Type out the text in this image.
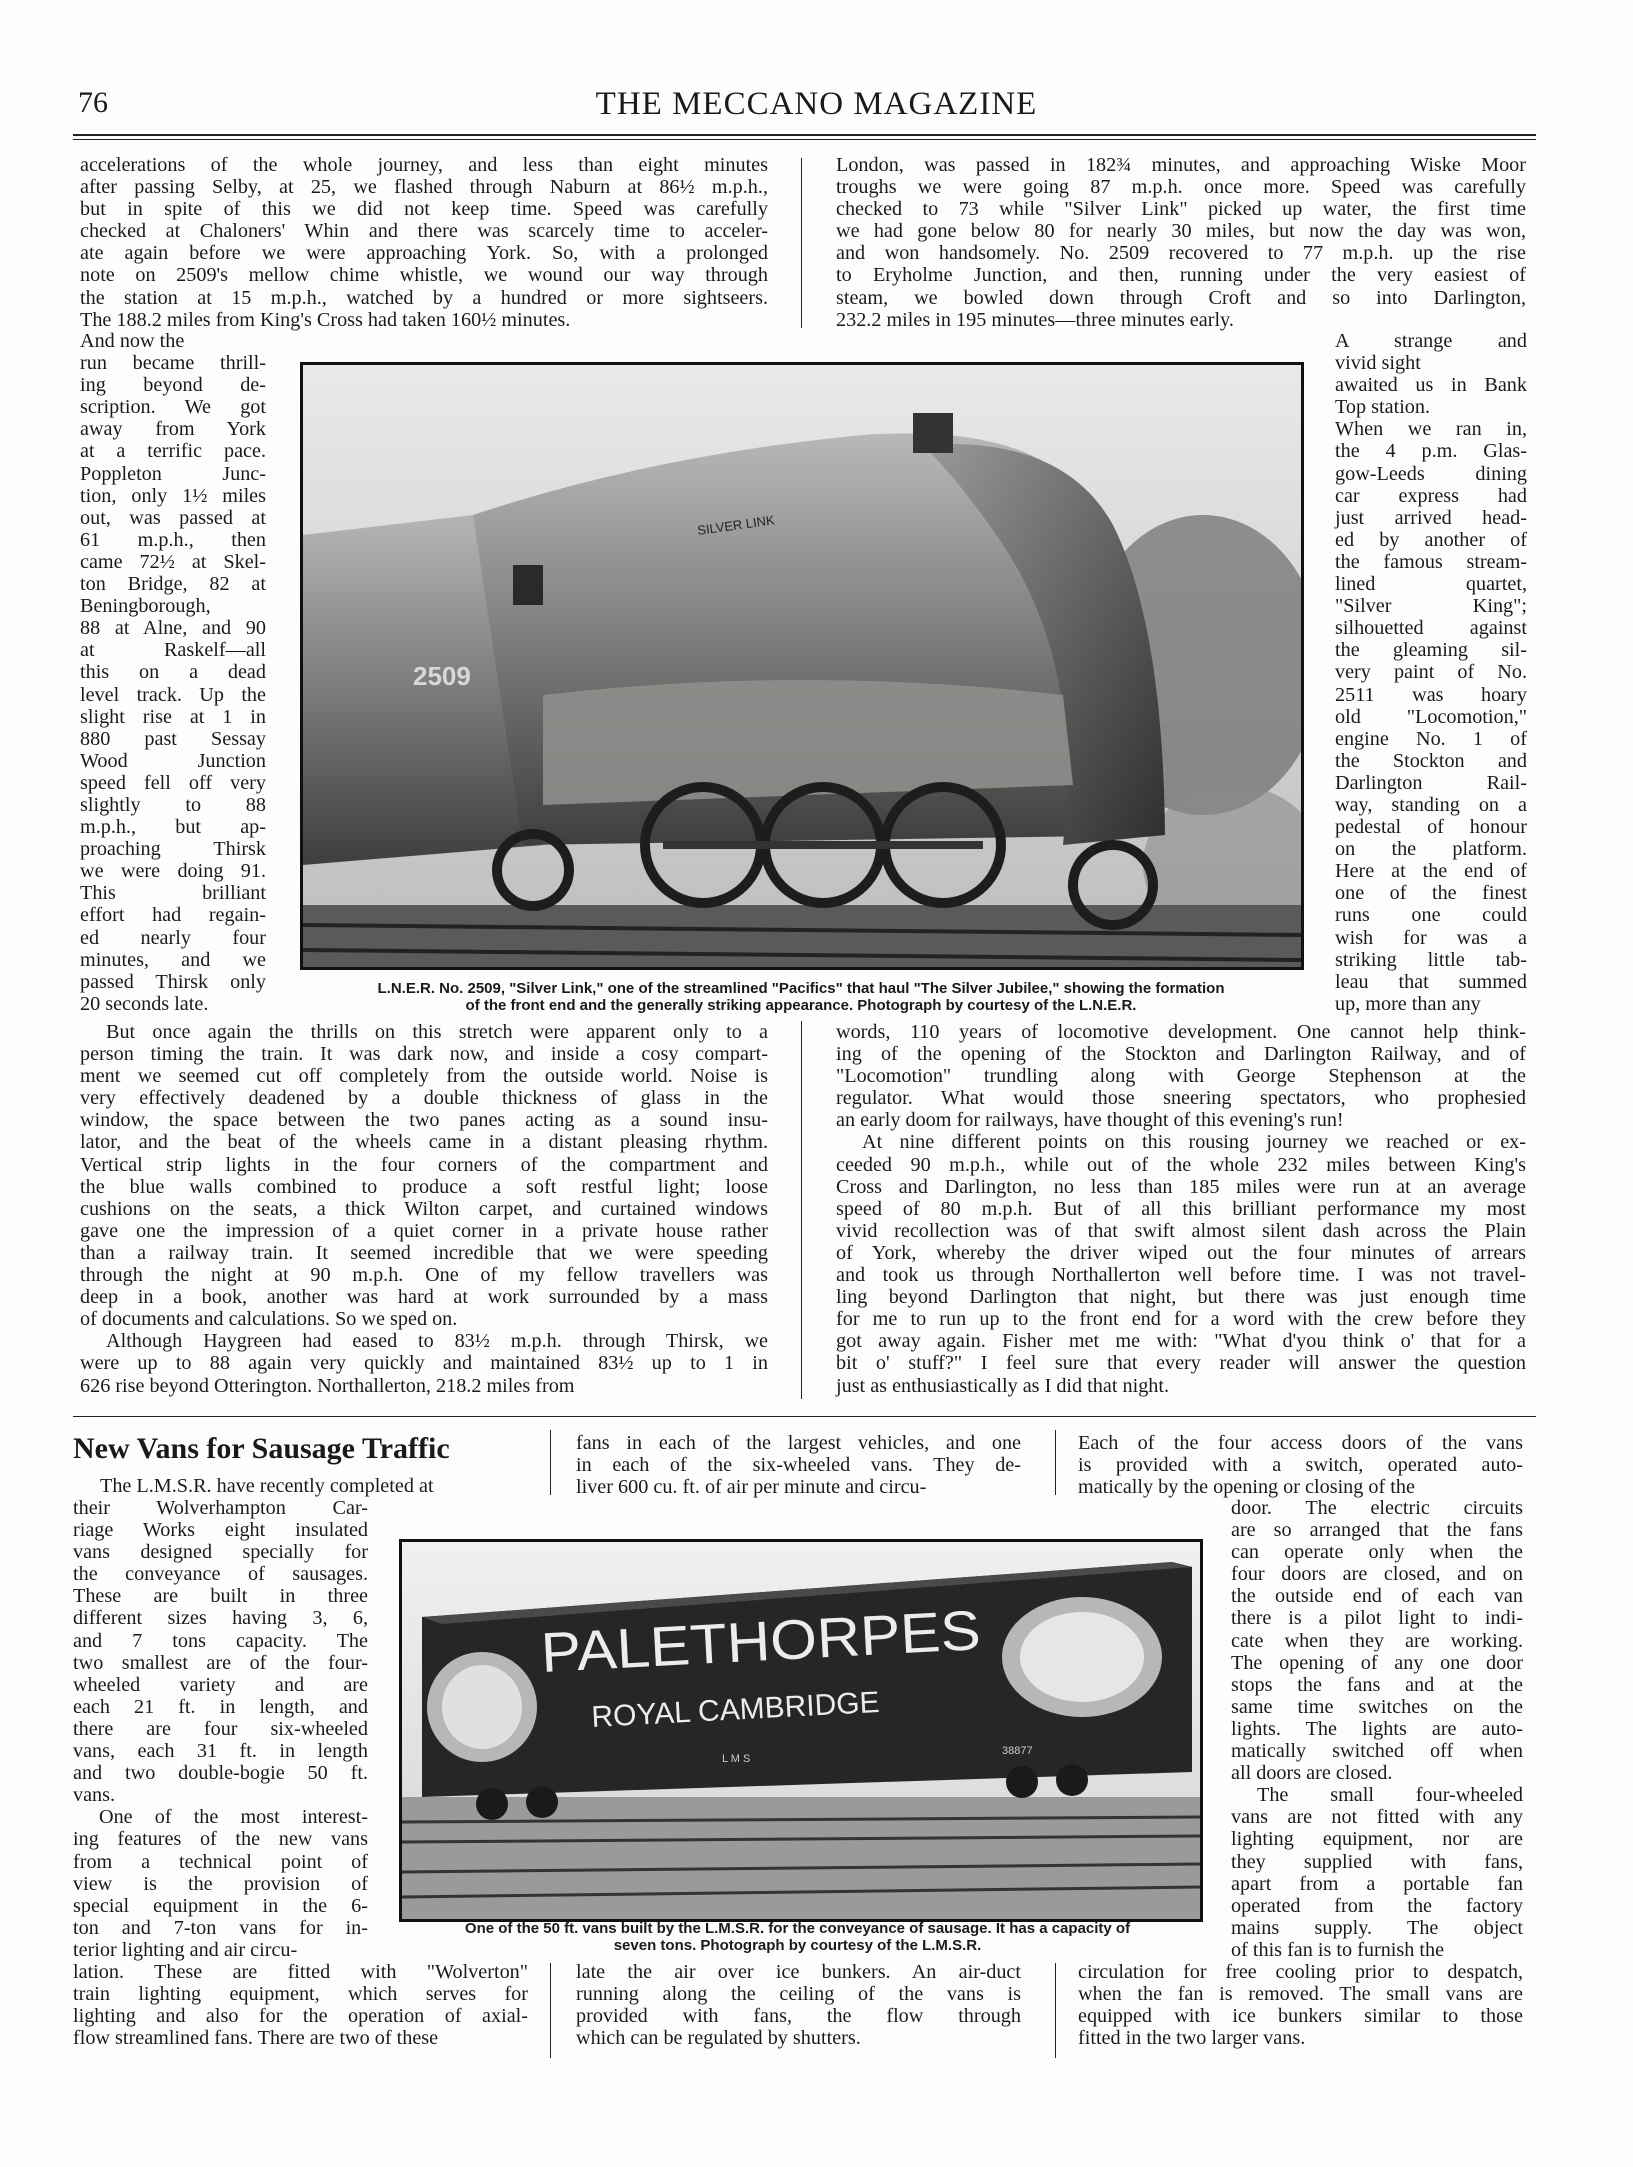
76	THE MECCANO MAGAZINE
accelerations of the whole journey, and less than eight minutes
after passing Selby, at 25, we flashed through Naburn at 86½ m.p.h.,
but in spite of this we did not keep time. Speed was carefully
checked at Chaloners' Whin and there was scarcely time to acceler-
ate again before we were approaching York. So, with a prolonged
note on 2509's mellow chime whistle, we wound our way through
the station at 15 m.p.h., watched by a hundred or more sightseers.
The 188.2 miles from King's Cross had taken 160½ minutes.
London, was passed in 182¾ minutes, and approaching Wiske Moor
troughs we were going 87 m.p.h. once more. Speed was carefully
checked to 73 while "Silver Link" picked up water, the first time
we had gone below 80 for nearly 30 miles, but now the day was won,
and won handsomely. No. 2509 recovered to 77 m.p.h. up the rise
to Eryholme Junction, and then, running under the very easiest of
steam, we bowled down through Croft and so into Darlington,
232.2 miles in 195 minutes—three minutes early.
And now the
run became thrill-
ing beyond de-
scription. We got
away from York
at a terrific pace.
Poppleton Junc-
tion, only 1½ miles
out, was passed at
61 m.p.h., then
came 72½ at Skel-
ton Bridge, 82 at
Beningborough,
88 at Alne, and 90
at Raskelf—all
this on a dead
level track. Up the
slight rise at 1 in
880 past Sessay
Wood Junction
speed fell off very
slightly to 88
m.p.h., but ap-
proaching Thirsk
we were doing 91.
This brilliant
effort had regain-
ed nearly four
minutes, and we
passed Thirsk only
20 seconds late.
A strange and
vivid sight
awaited us in Bank
Top station.
When we ran in,
the 4 p.m. Glas-
gow-Leeds dining
car express had
just arrived head-
ed by another of
the famous stream-
lined quartet,
"Silver King";
silhouetted against
the gleaming sil-
very paint of No.
2511 was hoary
old "Locomotion,"
engine No. 1 of
the Stockton and
Darlington Rail-
way, standing on a
pedestal of honour
on the platform.
Here at the end of
one of the finest
runs one could
wish for was a
striking little tab-
leau that summed
up, more than any
SILVER LINK
2509
L.N.E.R. No. 2509, "Silver Link," one of the streamlined "Pacifics" that haul "The Silver Jubilee," showing the formation
of the front end and the generally striking appearance. Photograph by courtesy of the L.N.E.R.
But once again the thrills on this stretch were apparent only to a
person timing the train. It was dark now, and inside a cosy compart-
ment we seemed cut off completely from the outside world. Noise is
very effectively deadened by a double thickness of glass in the
window, the space between the two panes acting as a sound insu-
lator, and the beat of the wheels came in a distant pleasing rhythm.
Vertical strip lights in the four corners of the compartment and
the blue walls combined to produce a soft restful light; loose
cushions on the seats, a thick Wilton carpet, and curtained windows
gave one the impression of a quiet corner in a private house rather
than a railway train. It seemed incredible that we were speeding
through the night at 90 m.p.h. One of my fellow travellers was
deep in a book, another was hard at work surrounded by a mass
of documents and calculations. So we sped on.
Although Haygreen had eased to 83½ m.p.h. through Thirsk, we
were up to 88 again very quickly and maintained 83½ up to 1 in
626 rise beyond Otterington. Northallerton, 218.2 miles from
words, 110 years of locomotive development. One cannot help think-
ing of the opening of the Stockton and Darlington Railway, and of
"Locomotion" trundling along with George Stephenson at the
regulator. What would those sneering spectators, who prophesied
an early doom for railways, have thought of this evening's run!
At nine different points on this rousing journey we reached or ex-
ceeded 90 m.p.h., while out of the whole 232 miles between King's
Cross and Darlington, no less than 185 miles were run at an average
speed of 80 m.p.h. But of all this brilliant performance my most
vivid recollection was of that swift almost silent dash across the Plain
of York, whereby the driver wiped out the four minutes of arrears
and took us through Northallerton well before time. I was not travel-
ling beyond Darlington that night, but there was just enough time
for me to run up to the front end for a word with the crew before they
got away again. Fisher met me with: "What d'you think o' that for a
bit o' stuff?" I feel sure that every reader will answer the question
just as enthusiastically as I did that night.
New Vans for Sausage Traffic
The L.M.S.R. have recently completed at
their Wolverhampton Car-
riage Works eight insulated
vans designed specially for
the conveyance of sausages.
These are built in three
different sizes having 3, 6,
and 7 tons capacity. The
two smallest are of the four-
wheeled variety and are
each 21 ft. in length, and
there are four six-wheeled
vans, each 31 ft. in length
and two double-bogie 50 ft.
vans.
One of the most interest-
ing features of the new vans
from a technical point of
view is the provision of
special equipment in the 6-
ton and 7-ton vans for in-
terior lighting and air circu-
lation. These are fitted with "Wolverton"
train lighting equipment, which serves for
lighting and also for the operation of axial-
flow streamlined fans. There are two of these
fans in each of the largest vehicles, and one
in each of the six-wheeled vans. They de-
liver 600 cu. ft. of air per minute and circu-
Each of the four access doors of the vans
is provided with a switch, operated auto-
matically by the opening or closing of the
PALETHORPES
ROYAL CAMBRIDGE
L M S
38877
One of the 50 ft. vans built by the L.M.S.R. for the conveyance of sausage. It has a capacity of
seven tons. Photograph by courtesy of the L.M.S.R.
door. The electric circuits
are so arranged that the fans
can operate only when the
four doors are closed, and on
the outside end of each van
there is a pilot light to indi-
cate when they are working.
The opening of any one door
stops the fans and at the
same time switches on the
lights. The lights are auto-
matically switched off when
all doors are closed.
The small four-wheeled
vans are not fitted with any
lighting equipment, nor are
they supplied with fans,
apart from a portable fan
operated from the factory
mains supply. The object
of this fan is to furnish the
late the air over ice bunkers. An air-duct
running along the ceiling of the vans is
provided with fans, the flow through
which can be regulated by shutters.
circulation for free cooling prior to despatch,
when the fan is removed. The small vans are
equipped with ice bunkers similar to those
fitted in the two larger vans.
